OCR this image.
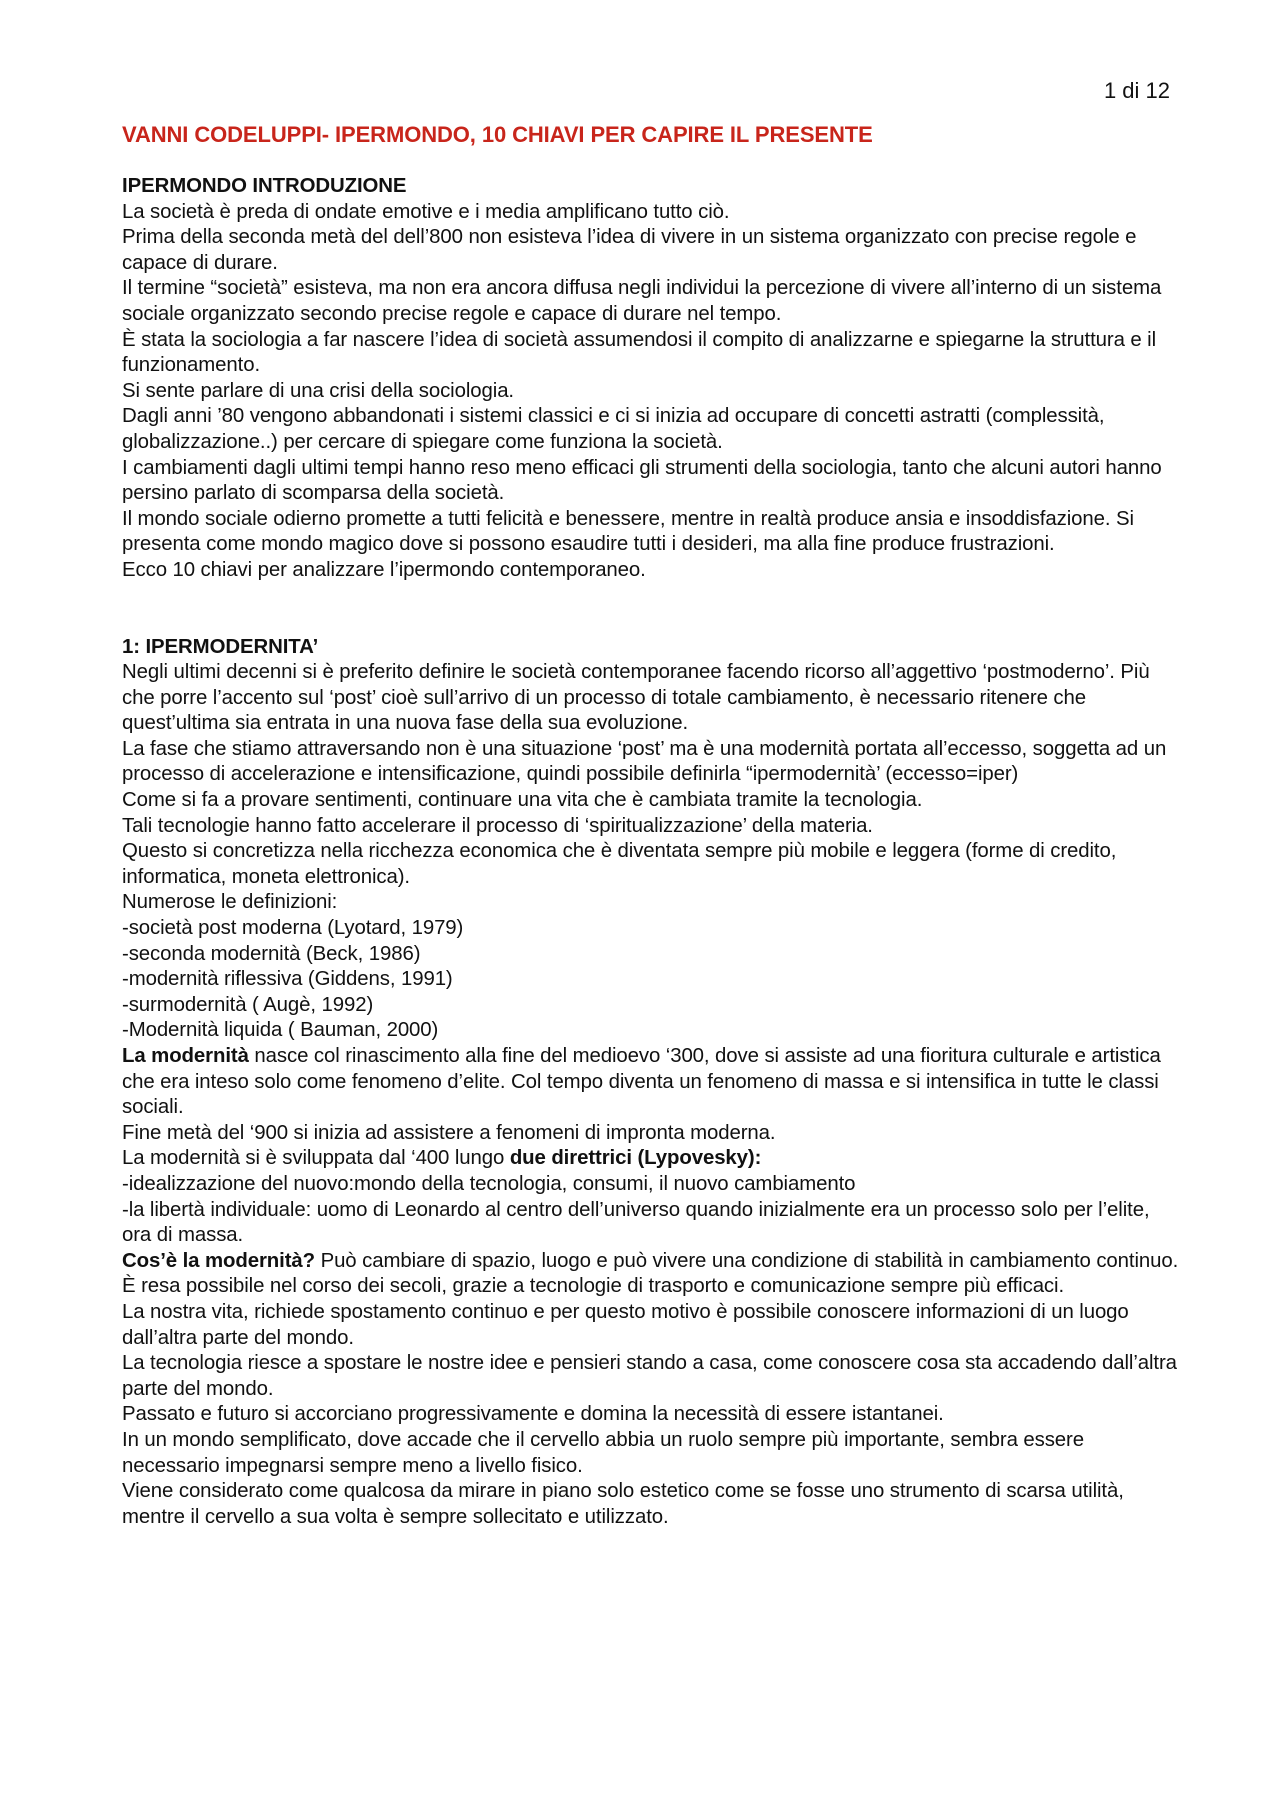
1 di 12
VANNI CODELUPPI- IPERMONDO, 10 CHIAVI PER CAPIRE IL PRESENTE
IPERMONDO INTRODUZIONE
La società è preda di ondate emotive e i media amplificano tutto ciò.
Prima della seconda metà del dell’800 non esisteva l’idea di vivere in un sistema organizzato con precise regole e capace di durare.
Il termine “società” esisteva, ma non era ancora diffusa negli individui la percezione di vivere all’interno di un sistema sociale organizzato secondo precise regole e capace di durare nel tempo.
È stata la sociologia a far nascere l’idea di società assumendosi il compito di analizzarne e spiegarne la struttura e il funzionamento.
Si sente parlare di una crisi della sociologia.
Dagli anni ’80 vengono abbandonati i sistemi classici e ci si inizia ad occupare di concetti astratti (complessità, globalizzazione..) per cercare di spiegare come funziona la società.
I cambiamenti dagli ultimi tempi hanno reso meno efficaci gli strumenti della sociologia, tanto che alcuni autori hanno persino parlato di scomparsa della società.
Il mondo sociale odierno promette a tutti felicità e benessere, mentre in realtà produce ansia e insoddisfazione. Si presenta come mondo magico dove si possono esaudire tutti i desideri, ma alla fine produce frustrazioni.
Ecco 10 chiavi per analizzare l’ipermondo contemporaneo.
1: IPERMODERNITA’
Negli ultimi decenni si è preferito definire le società contemporanee facendo ricorso all’aggettivo ‘postmoderno’. Più che porre l’accento sul ‘post’ cioè sull’arrivo di un processo di totale cambiamento, è necessario ritenere che quest’ultima sia entrata in una nuova fase della sua evoluzione.
La fase che stiamo attraversando non è una situazione ‘post’ ma è una modernità portata all’eccesso, soggetta ad un processo di accelerazione e intensificazione, quindi possibile definirla “ipermodernità’ (eccesso=iper)
Come si fa a provare sentimenti, continuare una vita che è cambiata tramite la tecnologia.
Tali tecnologie hanno fatto accelerare il processo di ‘spiritualizzazione’ della materia.
Questo si concretizza nella ricchezza economica che è diventata sempre più mobile e leggera (forme di credito, informatica, moneta elettronica).
Numerose le definizioni:
-società post moderna (Lyotard, 1979)
-seconda modernità (Beck, 1986)
-modernità riflessiva (Giddens, 1991)
-surmodernità ( Augè, 1992)
-Modernità liquida ( Bauman, 2000)
La modernità nasce col rinascimento alla fine del medioevo ‘300, dove si assiste ad una fioritura culturale e artistica che era inteso solo come fenomeno d’elite. Col tempo diventa un fenomeno di massa e si intensifica in tutte le classi sociali.
Fine metà del ‘900 si inizia ad assistere a fenomeni di impronta moderna.
La modernità si è sviluppata dal ‘400 lungo due direttrici (Lypovesky):
-idealizzazione del nuovo:mondo della tecnologia, consumi, il nuovo cambiamento
-la libertà individuale: uomo di Leonardo al centro dell’universo quando inizialmente era un processo solo per l’elite, ora di massa.
Cos’è la modernità? Può cambiare di spazio, luogo e può vivere una condizione di stabilità in cambiamento continuo.
È resa possibile nel corso dei secoli, grazie a tecnologie di trasporto e comunicazione sempre più efficaci.
La nostra vita, richiede spostamento continuo e per questo motivo è possibile conoscere informazioni di un luogo dall’altra parte del mondo.
La tecnologia riesce a spostare le nostre idee e pensieri stando a casa, come conoscere cosa sta accadendo dall’altra parte del mondo.
Passato e futuro si accorciano progressivamente e domina la necessità di essere istantanei.
In un mondo semplificato, dove accade che il cervello abbia un ruolo sempre più importante, sembra essere necessario impegnarsi sempre meno a livello fisico.
Viene considerato come qualcosa da mirare in piano solo estetico come se fosse uno strumento di scarsa utilità, mentre il cervello a sua volta è sempre sollecitato e utilizzato.
